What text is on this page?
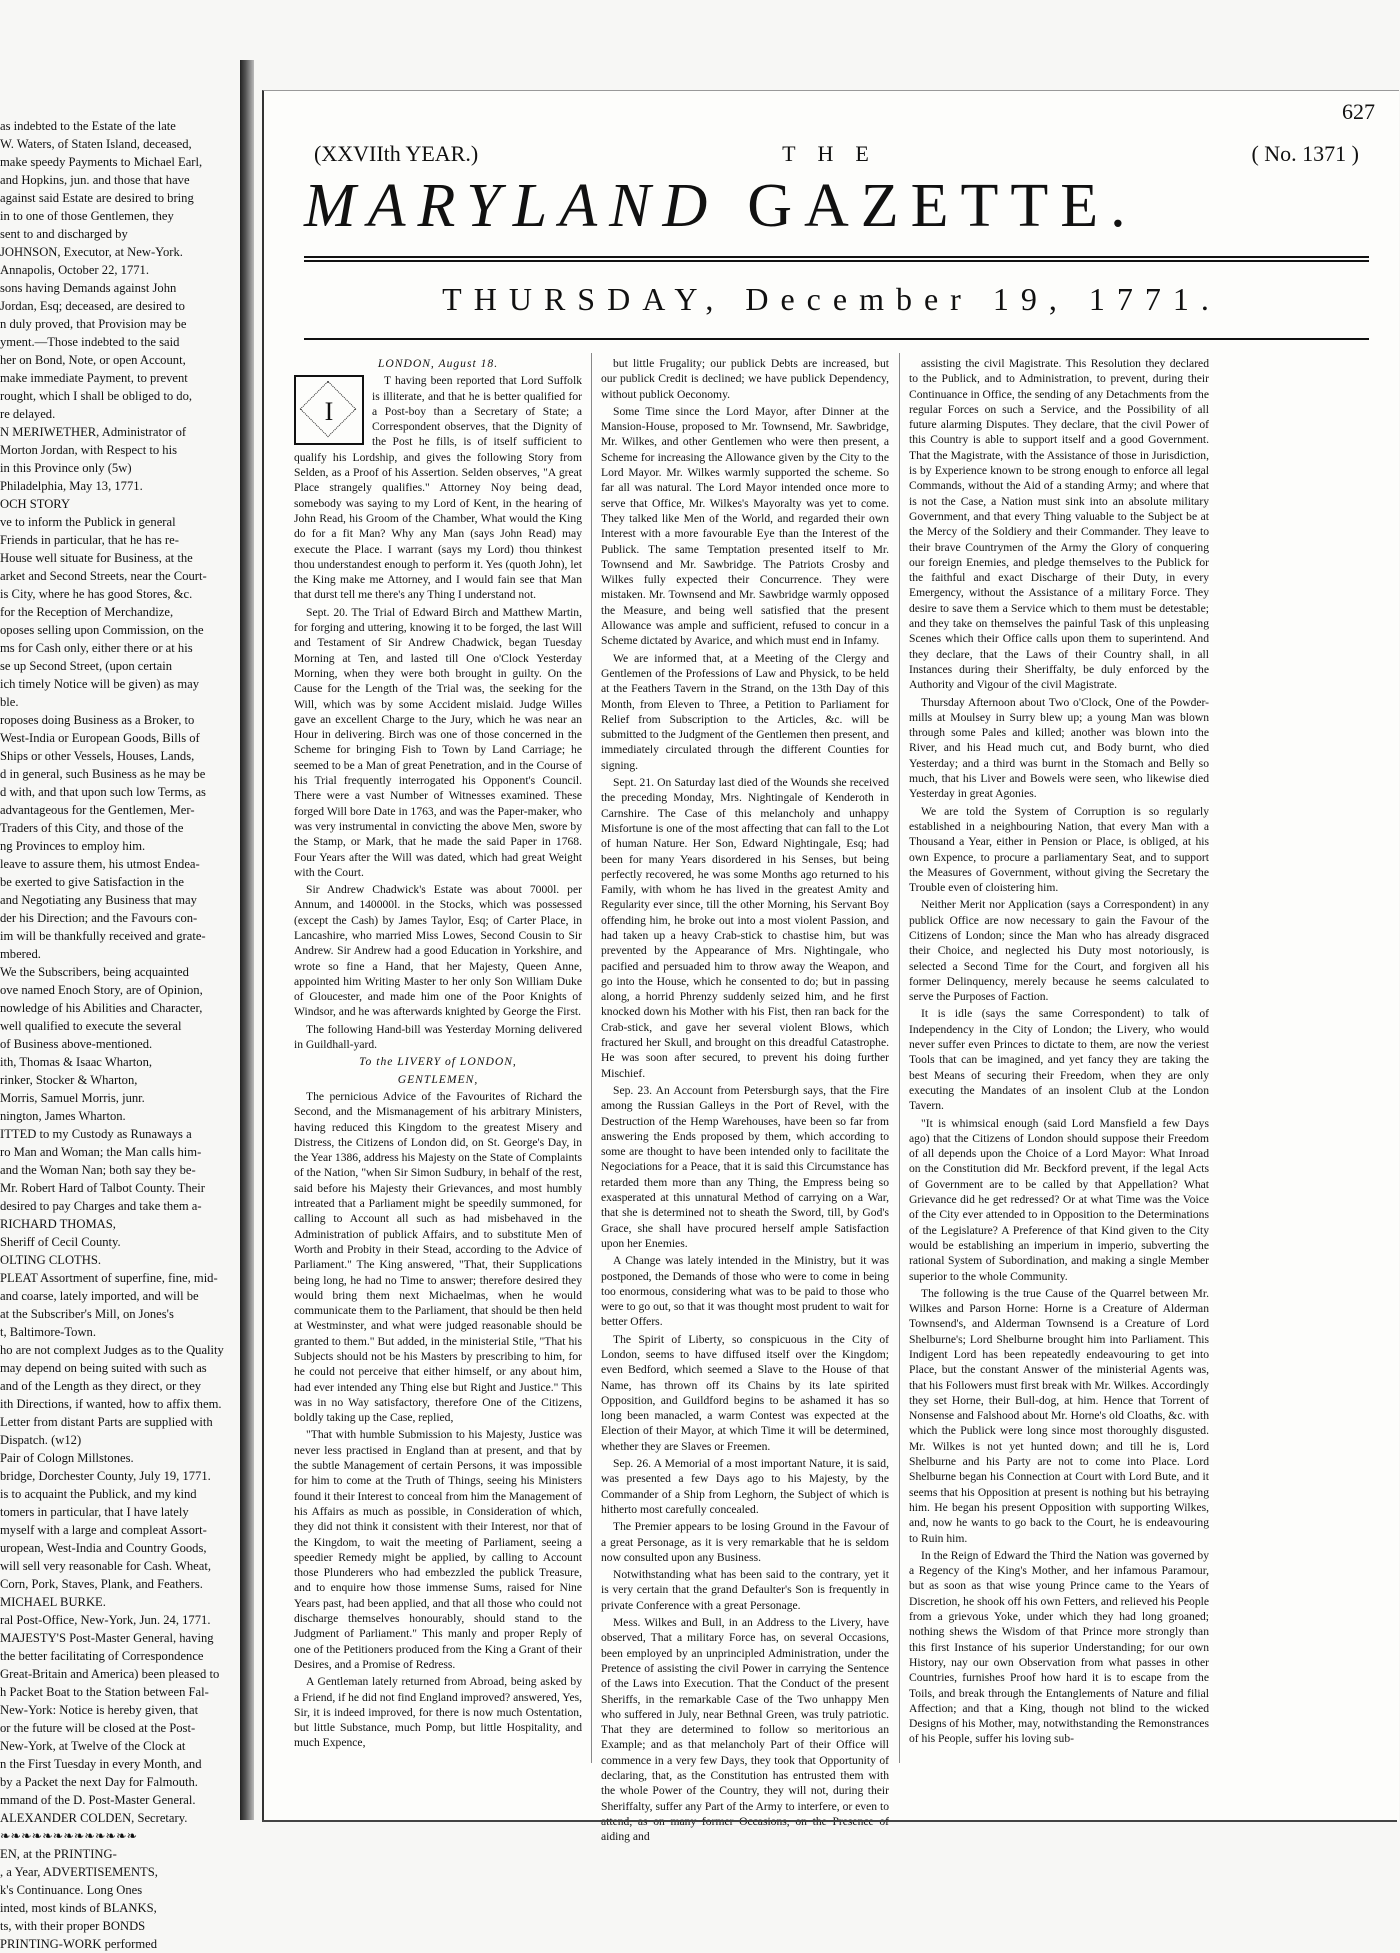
as indebted to the Estate of the late

W. Waters, of Staten Island, deceased,

make speedy Payments to Michael Earl,

and Hopkins, jun. and those that have

against said Estate are desired to bring

in to one of those Gentlemen, they

sent to and discharged by

JOHNSON, Executor, at New-York.

Annapolis, October 22, 1771.

sons having Demands against John

Jordan, Esq; deceased, are desired to

n duly proved, that Provision may be

yment.—Those indebted to the said

her on Bond, Note, or open Account,

make immediate Payment, to prevent

rought, which I shall be obliged to do,

re delayed.

N MERIWETHER, Administrator of

Morton Jordan, with Respect to his

in this Province only (5w)

Philadelphia, May 13, 1771.

OCH STORY

ve to inform the Publick in general

Friends in particular, that he has re-

House well situate for Business, at the

arket and Second Streets, near the Court-

is City, where he has good Stores, &c.

for the Reception of Merchandize,

oposes selling upon Commission, on the

ms for Cash only, either there or at his

se up Second Street, (upon certain

ich timely Notice will be given) as may

ble.

roposes doing Business as a Broker, to

West-India or European Goods, Bills of

Ships or other Vessels, Houses, Lands,

d in general, such Business as he may be

d with, and that upon such low Terms, as

advantageous for the Gentlemen, Mer-

Traders of this City, and those of the

ng Provinces to employ him.

leave to assure them, his utmost Endea-

be exerted to give Satisfaction in the

and Negotiating any Business that may

der his Direction; and the Favours con-

im will be thankfully received and grate-

mbered.

We the Subscribers, being acquainted

ove named Enoch Story, are of Opinion,

nowledge of his Abilities and Character,

well qualified to execute the several

of Business above-mentioned.

ith, Thomas & Isaac Wharton,

rinker, Stocker & Wharton,

Morris, Samuel Morris, junr.

nington, James Wharton.

ITTED to my Custody as Runaways a

ro Man and Woman; the Man calls him-

and the Woman Nan; both say they be-

Mr. Robert Hard of Talbot County. Their

desired to pay Charges and take them a-

RICHARD THOMAS,

Sheriff of Cecil County.

OLTING CLOTHS.

PLEAT Assortment of superfine, fine, mid-

and coarse, lately imported, and will be

at the Subscriber's Mill, on Jones's

t, Baltimore-Town.

ho are not complext Judges as to the Quality

may depend on being suited with such as

and of the Length as they direct, or they

ith Directions, if wanted, how to affix them.

Letter from distant Parts are supplied with

Dispatch. (w12)

Pair of Cologn Millstones.

bridge, Dorchester County, July 19, 1771.

is to acquaint the Publick, and my kind

tomers in particular, that I have lately

myself with a large and compleat Assort-

uropean, West-India and Country Goods,

will sell very reasonable for Cash. Wheat,

Corn, Pork, Staves, Plank, and Feathers.

MICHAEL BURKE.

ral Post-Office, New-York, Jun. 24, 1771.

MAJESTY'S Post-Master General, having

the better facilitating of Correspondence

Great-Britain and America) been pleased to

h Packet Boat to the Station between Fal-

New-York: Notice is hereby given, that

or the future will be closed at the Post-

New-York, at Twelve of the Clock at

n the First Tuesday in every Month, and

by a Packet the next Day for Falmouth.

mmand of the D. Post-Master General.

ALEXANDER COLDEN, Secretary.

❧❧❧❧❧❧❧❧❧❧❧❧❧

EN, at the PRINTING-

, a Year, ADVERTISEMENTS,

k's Continuance. Long Ones

inted, most kinds of BLANKS,

ts, with their proper BONDS

PRINTING-WORK performed

627
(XXVIIth YEAR.)	THE	( No. 1371 )
MARYLAND GAZETTE.
THURSDAY, December 19, 1771.

LONDON, August 18.

I

T having been reported that Lord Suffolk is illiterate, and that he is better qualified for a Post-boy than a Secretary of State; a Correspondent observes, that the Dignity of the Post he fills, is of itself sufficient to qualify his Lordship, and gives the following Story from Selden, as a Proof of his Assertion. Selden observes, "A great Place strangely qualifies." Attorney Noy being dead, somebody was saying to my Lord of Kent, in the hearing of John Read, his Groom of the Chamber, What would the King do for a fit Man? Why any Man (says John Read) may execute the Place. I warrant (says my Lord) thou thinkest thou understandest enough to perform it. Yes (quoth John), let the King make me Attorney, and I would fain see that Man that durst tell me there's any Thing I understand not.

Sept. 20. The Trial of Edward Birch and Matthew Martin, for forging and uttering, knowing it to be forged, the last Will and Testament of Sir Andrew Chadwick, began Tuesday Morning at Ten, and lasted till One o'Clock Yesterday Morning, when they were both brought in guilty. On the Cause for the Length of the Trial was, the seeking for the Will, which was by some Accident mislaid. Judge Willes gave an excellent Charge to the Jury, which he was near an Hour in delivering. Birch was one of those concerned in the Scheme for bringing Fish to Town by Land Carriage; he seemed to be a Man of great Penetration, and in the Course of his Trial frequently interrogated his Opponent's Council. There were a vast Number of Witnesses examined. These forged Will bore Date in 1763, and was the Paper-maker, who was very instrumental in convicting the above Men, swore by the Stamp, or Mark, that he made the said Paper in 1768. Four Years after the Will was dated, which had great Weight with the Court.

Sir Andrew Chadwick's Estate was about 7000l. per Annum, and 140000l. in the Stocks, which was possessed (except the Cash) by James Taylor, Esq; of Carter Place, in Lancashire, who married Miss Lowes, Second Cousin to Sir Andrew. Sir Andrew had a good Education in Yorkshire, and wrote so fine a Hand, that her Majesty, Queen Anne, appointed him Writing Master to her only Son William Duke of Gloucester, and made him one of the Poor Knights of Windsor, and he was afterwards knighted by George the First.

The following Hand-bill was Yesterday Morning delivered in Guildhall-yard.

To the LIVERY of LONDON,

GENTLEMEN,

The pernicious Advice of the Favourites of Richard the Second, and the Mismanagement of his arbitrary Ministers, having reduced this Kingdom to the greatest Misery and Distress, the Citizens of London did, on St. George's Day, in the Year 1386, address his Majesty on the State of Complaints of the Nation, "when Sir Simon Sudbury, in behalf of the rest, said before his Majesty their Grievances, and most humbly intreated that a Parliament might be speedily summoned, for calling to Account all such as had misbehaved in the Administration of publick Affairs, and to substitute Men of Worth and Probity in their Stead, according to the Advice of Parliament." The King answered, "That, their Supplications being long, he had no Time to answer; therefore desired they would bring them next Michaelmas, when he would communicate them to the Parliament, that should be then held at Westminster, and what were judged reasonable should be granted to them." But added, in the ministerial Stile, "That his Subjects should not be his Masters by prescribing to him, for he could not perceive that either himself, or any about him, had ever intended any Thing else but Right and Justice." This was in no Way satisfactory, therefore One of the Citizens, boldly taking up the Case, replied,

"That with humble Submission to his Majesty, Justice was never less practised in England than at present, and that by the subtle Management of certain Persons, it was impossible for him to come at the Truth of Things, seeing his Ministers found it their Interest to conceal from him the Management of his Affairs as much as possible, in Consideration of which, they did not think it consistent with their Interest, nor that of the Kingdom, to wait the meeting of Parliament, seeing a speedier Remedy might be applied, by calling to Account those Plunderers who had embezzled the publick Treasure, and to enquire how those immense Sums, raised for Nine Years past, had been applied, and that all those who could not discharge themselves honourably, should stand to the Judgment of Parliament." This manly and proper Reply of one of the Petitioners produced from the King a Grant of their Desires, and a Promise of Redress.

A Gentleman lately returned from Abroad, being asked by a Friend, if he did not find England improved? answered, Yes, Sir, it is indeed improved, for there is now much Ostentation, but little Substance, much Pomp, but little Hospitality, and much Expence,

but little Frugality; our publick Debts are increased, but our publick Credit is declined; we have publick Dependency, without publick Oeconomy.

Some Time since the Lord Mayor, after Dinner at the Mansion-House, proposed to Mr. Townsend, Mr. Sawbridge, Mr. Wilkes, and other Gentlemen who were then present, a Scheme for increasing the Allowance given by the City to the Lord Mayor. Mr. Wilkes warmly supported the scheme. So far all was natural. The Lord Mayor intended once more to serve that Office, Mr. Wilkes's Mayoralty was yet to come. They talked like Men of the World, and regarded their own Interest with a more favourable Eye than the Interest of the Publick. The same Temptation presented itself to Mr. Townsend and Mr. Sawbridge. The Patriots Crosby and Wilkes fully expected their Concurrence. They were mistaken. Mr. Townsend and Mr. Sawbridge warmly opposed the Measure, and being well satisfied that the present Allowance was ample and sufficient, refused to concur in a Scheme dictated by Avarice, and which must end in Infamy.

We are informed that, at a Meeting of the Clergy and Gentlemen of the Professions of Law and Physick, to be held at the Feathers Tavern in the Strand, on the 13th Day of this Month, from Eleven to Three, a Petition to Parliament for Relief from Subscription to the Articles, &c. will be submitted to the Judgment of the Gentlemen then present, and immediately circulated through the different Counties for signing.

Sept. 21. On Saturday last died of the Wounds she received the preceding Monday, Mrs. Nightingale of Kenderoth in Carnshire. The Case of this melancholy and unhappy Misfortune is one of the most affecting that can fall to the Lot of human Nature. Her Son, Edward Nightingale, Esq; had been for many Years disordered in his Senses, but being perfectly recovered, he was some Months ago returned to his Family, with whom he has lived in the greatest Amity and Regularity ever since, till the other Morning, his Servant Boy offending him, he broke out into a most violent Passion, and had taken up a heavy Crab-stick to chastise him, but was prevented by the Appearance of Mrs. Nightingale, who pacified and persuaded him to throw away the Weapon, and go into the House, which he consented to do; but in passing along, a horrid Phrenzy suddenly seized him, and he first knocked down his Mother with his Fist, then ran back for the Crab-stick, and gave her several violent Blows, which fractured her Skull, and brought on this dreadful Catastrophe. He was soon after secured, to prevent his doing further Mischief.

Sep. 23. An Account from Petersburgh says, that the Fire among the Russian Galleys in the Port of Revel, with the Destruction of the Hemp Warehouses, have been so far from answering the Ends proposed by them, which according to some are thought to have been intended only to facilitate the Negociations for a Peace, that it is said this Circumstance has retarded them more than any Thing, the Empress being so exasperated at this unnatural Method of carrying on a War, that she is determined not to sheath the Sword, till, by God's Grace, she shall have procured herself ample Satisfaction upon her Enemies.

A Change was lately intended in the Ministry, but it was postponed, the Demands of those who were to come in being too enormous, considering what was to be paid to those who were to go out, so that it was thought most prudent to wait for better Offers.

The Spirit of Liberty, so conspicuous in the City of London, seems to have diffused itself over the Kingdom; even Bedford, which seemed a Slave to the House of that Name, has thrown off its Chains by its late spirited Opposition, and Guildford begins to be ashamed it has so long been manacled, a warm Contest was expected at the Election of their Mayor, at which Time it will be determined, whether they are Slaves or Freemen.

Sep. 26. A Memorial of a most important Nature, it is said, was presented a few Days ago to his Majesty, by the Commander of a Ship from Leghorn, the Subject of which is hitherto most carefully concealed.

The Premier appears to be losing Ground in the Favour of a great Personage, as it is very remarkable that he is seldom now consulted upon any Business.

Notwithstanding what has been said to the contrary, yet it is very certain that the grand Defaulter's Son is frequently in private Conference with a great Personage.

Mess. Wilkes and Bull, in an Address to the Livery, have observed, That a military Force has, on several Occasions, been employed by an unprincipled Administration, under the Pretence of assisting the civil Power in carrying the Sentence of the Laws into Execution. That the Conduct of the present Sheriffs, in the remarkable Case of the Two unhappy Men who suffered in July, near Bethnal Green, was truly patriotic. That they are determined to follow so meritorious an Example; and as that melancholy Part of their Office will commence in a very few Days, they took that Opportunity of declaring, that, as the Constitution has entrusted them with the whole Power of the Country, they will not, during their Sheriffalty, suffer any Part of the Army to interfere, or even to aiding and

assisting the civil Magistrate. This Resolution they declared to the Publick, and to Administration, to prevent, during their Continuance in Office, the sending of any Detachments from the regular Forces on such a Service, and the Possibility of all future alarming Disputes. They declare, that the civil Power of this Country is able to support itself and a good Government. That the Magistrate, with the Assistance of those in Jurisdiction, is by Experience known to be strong enough to enforce all legal Commands, without the Aid of a standing Army; and where that is not the Case, a Nation must sink into an absolute military Government, and that every Thing valuable to the Subject be at the Mercy of the Soldiery and their Commander. They leave to their brave Countrymen of the Army the Glory of conquering our foreign Enemies, and pledge themselves to the Publick for the faithful and exact Discharge of their Duty, in every Emergency, without the Assistance of a military Force. They desire to save them a Service which to them must be detestable; and they take on themselves the painful Task of this unpleasing Scenes which their Office calls upon them to superintend. And they declare, that the Laws of their Country shall, in all Instances during their Sheriffalty, be duly enforced by the Authority and Vigour of the civil Magistrate.

Thursday Afternoon about Two o'Clock, One of the Powder-mills at Moulsey in Surry blew up; a young Man was blown through some Pales and killed; another was blown into the River, and his Head much cut, and Body burnt, who died Yesterday; and a third was burnt in the Stomach and Belly so much, that his Liver and Bowels were seen, who likewise died Yesterday in great Agonies.

We are told the System of Corruption is so regularly established in a neighbouring Nation, that every Man with a Thousand a Year, either in Pension or Place, is obliged, at his own Expence, to procure a parliamentary Seat, and to support the Measures of Government, without giving the Secretary the Trouble even of cloistering him.

Neither Merit nor Application (says a Correspondent) in any publick Office are now necessary to gain the Favour of the Citizens of London; since the Man who has already disgraced their Choice, and neglected his Duty most notoriously, is selected a Second Time for the Court, and forgiven all his former Delinquency, merely because he seems calculated to serve the Purposes of Faction.

It is idle (says the same Correspondent) to talk of Independency in the City of London; the Livery, who would never suffer even Princes to dictate to them, are now the veriest Tools that can be imagined, and yet fancy they are taking the best Means of securing their Freedom, when they are only executing the Mandates of an insolent Club at the London Tavern.

"It is whimsical enough (said Lord Mansfield a few Days ago) that the Citizens of London should suppose their Freedom of all depends upon the Choice of a Lord Mayor: What Inroad on the Constitution did Mr. Beckford prevent, if the legal Acts of Government are to be called by that Appellation? What Grievance did he get redressed? Or at what Time was the Voice of the City ever attended to in Opposition to the Determinations of the Legislature? A Preference of that Kind given to the City would be establishing an imperium in imperio, subverting the rational System of Subordination, and making a single Member superior to the whole Community.

The following is the true Cause of the Quarrel between Mr. Wilkes and Parson Horne: Horne is a Creature of Alderman Townsend's, and Alderman Townsend is a Creature of Lord Shelburne's; Lord Shelburne brought him into Parliament. This Indigent Lord has been repeatedly endeavouring to get into Place, but the constant Answer of the ministerial Agents was, that his Followers must first break with Mr. Wilkes. Accordingly they set Horne, their Bull-dog, at him. Hence that Torrent of Nonsense and Falshood about Mr. Horne's old Cloaths, &c. with which the Publick were long since most thoroughly disgusted. Mr. Wilkes is not yet hunted down; and till he is, Lord Shelburne and his Party are not to come into Place. Lord Shelburne began his Connection at Court with Lord Bute, and it seems that his Opposition at present is nothing but his betraying him. He began his present Opposition with supporting Wilkes, and, now he wants to go back to the Court, he is endeavouring to Ruin him.

In the Reign of Edward the Third the Nation was governed by a Regency of the King's Mother, and her infamous Paramour, but as soon as that wise young Prince came to the Years of Discretion, he shook off his own Fetters, and relieved his People from a grievous Yoke, under which they had long groaned; nothing shews the Wisdom of that Prince more strongly than this first Instance of his superior Understanding; for our own History, nay our own Observation from what passes in other Countries, furnishes Proof how hard it is to escape from the Toils, and break through the Entanglements of Nature and filial Affection; and that a King, though not blind to the wicked Designs of his Mother, may, notwithstanding the Remonstrances of his People, suffer his loving sub-
